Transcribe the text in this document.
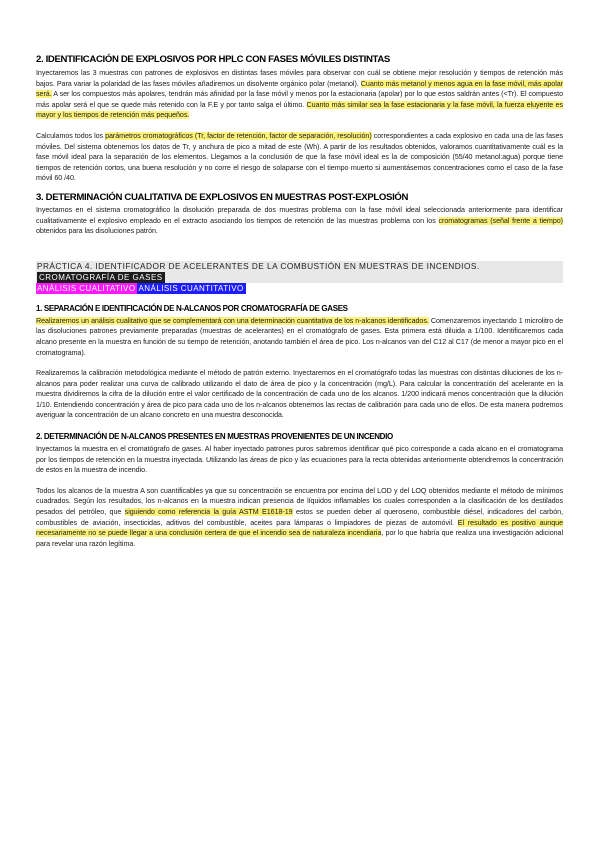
2. IDENTIFICACIÓN DE EXPLOSIVOS POR HPLC CON FASES MÓVILES DISTINTAS

Inyectaremos las 3 muestras con patrones de explosivos en distintas fases móviles para observar con cuál se obtiene mejor resolución y tiempos de retención más bajos. Para variar la polaridad de las fases móviles añadiremos un disolvente orgánico polar (metanol). Cuanto más metanol y menos agua en la fase móvil, más apolar será. A ser los compuestos más apolares, tendrán más afinidad por la fase móvil y menos por la estacionaria (apolar) por lo que estos saldrán antes (<Tr). El compuesto más apolar será el que se quede más retenido con la F.E y por tanto salga el último. Cuanto más similar sea la fase estacionaria y la fase móvil, la fuerza eluyente es mayor y los tiempos de retención más pequeños.

Calculamos todos los parámetros cromatográficos (Tr, factor de retención, factor de separación, resolución) correspondientes a cada explosivo en cada una de las fases móviles. Del sistema obtenemos los datos de Tr, y anchura de pico a mitad de este (Wh). A partir de los resultados obtenidos, valoramos cuantitativamente cuál es la fase móvil ideal para la separación de los elementos. Llegamos a la conclusión de que la fase móvil ideal es la de composición (55/40 metanol:agua) porque tiene tiempos de retención cortos, una buena resolución y no corre el riesgo de solaparse con el tiempo muerto si aumentásemos concentraciones como el caso de la fase móvil 60 /40.

3. DETERMINACIÓN CUALITATIVA DE EXPLOSIVOS EN MUESTRAS POST-EXPLOSIÓN

Inyectamos en el sistema cromatográfico la disolución preparada de dos muestras problema con la fase móvil ideal seleccionada anteriormente para identificar cualitativamente el explosivo empleado en el extracto asociando los tiempos de retención de las muestras problema con los cromatogramas (señal frente a tiempo) obtenidos para las disoluciones patrón.

PRÁCTICA 4. IDENTIFICADOR DE ACELERANTES DE LA COMBUSTIÓN EN MUESTRAS DE INCENDIOS.
CROMATOGRAFÍA DE GASES
ANÁLISIS CUALITATIVO ANÁLISIS CUANTITATIVO
1. SEPARACIÓN E IDENTIFICACIÓN DE N-ALCANOS POR CROMATOGRAFÍA DE GASES

Realizaremos un análisis cualitativo que se complementará con una determinación cuantitativa de los n-alcanos identificados. Comenzaremos inyectando 1 microlitro de las disoluciones patrones previamente preparadas (muestras de acelerantes) en el cromatógrafo de gases. Esta primera está diluida a 1/100. Identificaremos cada alcano presente en la muestra en función de su tiempo de retención, anotando también el área de pico. Los n-alcanos van del C12 al C17 (de menor a mayor pico en el cromatograma).

Realizaremos la calibración metodológica mediante el método de patrón externo. Inyectaremos en el cromatógrafo todas las muestras con distintas diluciones de los n-alcanos para poder realizar una curva de calibrado utilizando el dato de área de pico y la concentración (mg/L). Para calcular la concentración del acelerante en la muestra dividiremos la cifra de la dilución entre el valor certificado de la concentración de cada uno de los alcanos. 1/200 indicará menos concentración que la dilución 1/10. Entendiendo concentración y área de pico para cada uno de los n-alcanos obtenemos las rectas de calibración para cada uno de ellos. De esta manera podremos averiguar la concentración de un alcano concreto en una muestra desconocida.

2. DETERMINACIÓN DE N-ALCANOS PRESENTES EN MUESTRAS PROVENIENTES DE UN INCENDIO

Inyectamos la muestra en el cromatógrafo de gases. Al haber inyectado patrones puros sabremos identificar qué pico corresponde a cada alcano en el cromatograma por los tiempos de retención en la muestra inyectada. Utilizando las áreas de pico y las ecuaciones para la recta obtenidas anteriormente obtendremos la concentración de estos en la muestra de incendio.

Todos los alcanos de la muestra A son cuantificables ya que su concentración se encuentra por encima del LOD y del LOQ obtenidos mediante el método de mínimos cuadrados. Según los resultados, los n-alcanos en la muestra indican presencia de líquidos inflamables los cuales corresponden a la clasificación de los destilados pesados del petróleo, que siguiendo como referencia la guía ASTM E1618-19 estos se pueden deber al queroseno, combustible diésel, indicadores del carbón, combustibles de aviación, insecticidas, aditivos del combustible, aceites para lámparas o limpiadores de piezas de automóvil. El resultado es positivo aunque necesariamente no se puede llegar a una conclusión certera de que el incendio sea de naturaleza incendiaria, por lo que habría que realiza una investigación adicional para revelar una razón legítima.
